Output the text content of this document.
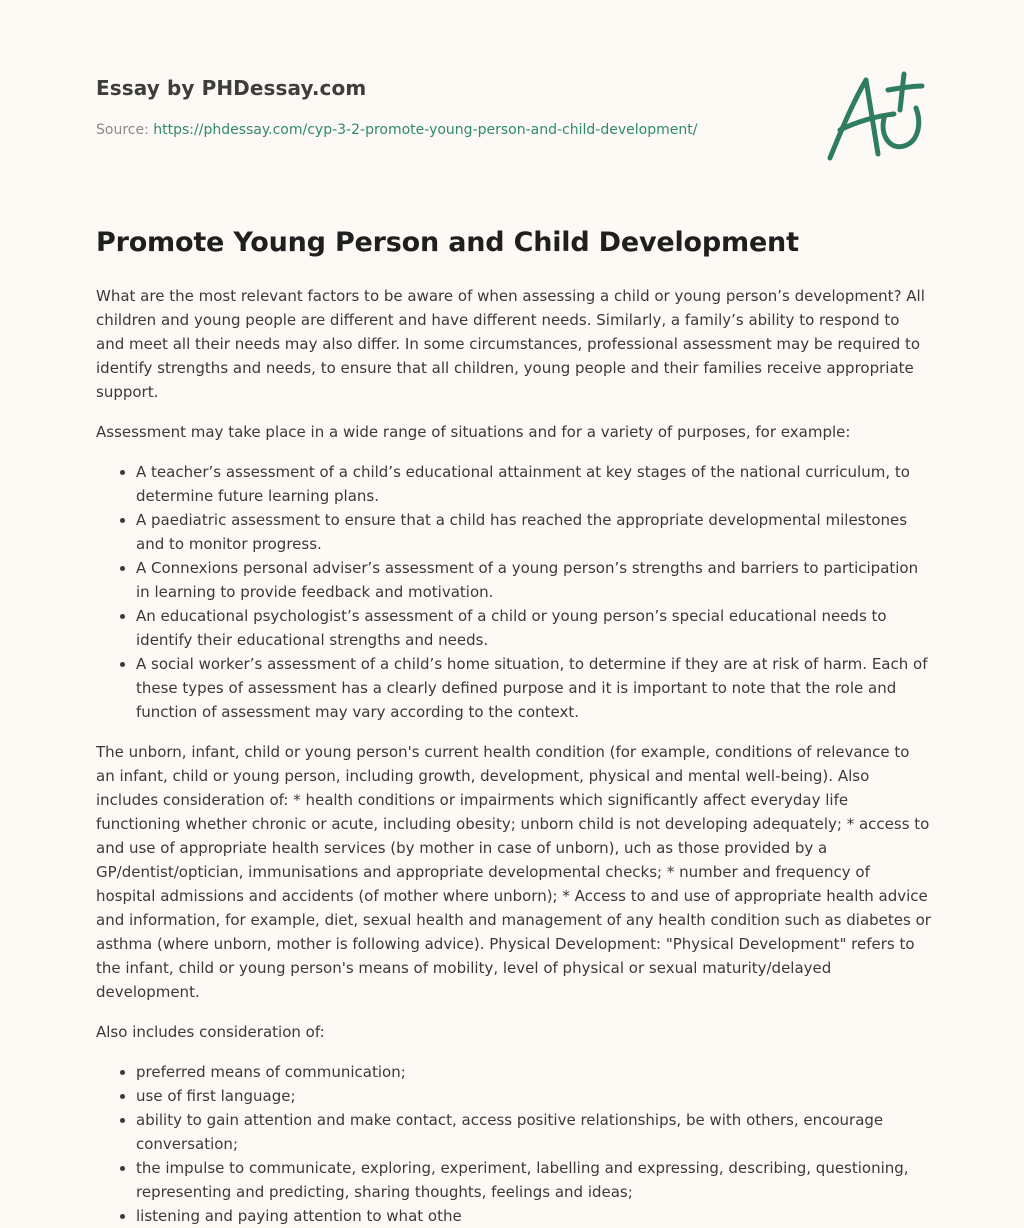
Essay by PHDessay.com
Source: https://phdessay.com/cyp-3-2-promote-young-person-and-child-development/
Promote Young Person and Child Development

What are the most relevant factors to be aware of when assessing a child or young person’s development? All children and young people are different and have different needs. Similarly, a family’s ability to respond to and meet all their needs may also differ. In some circumstances, professional assessment may be required to identify strengths and needs, to ensure that all children, young people and their families receive appropriate support.

Assessment may take place in a wide range of situations and for a variety of purposes, for example:

• A teacher’s assessment of a child’s educational attainment at key stages of the national curriculum, to determine future learning plans.
• A paediatric assessment to ensure that a child has reached the appropriate developmental milestones and to monitor progress.
• A Connexions personal adviser’s assessment of a young person’s strengths and barriers to participation in learning to provide feedback and motivation.
• An educational psychologist’s assessment of a child or young person’s special educational needs to identify their educational strengths and needs.
• A social worker’s assessment of a child’s home situation, to determine if they are at risk of harm. Each of these types of assessment has a clearly defined purpose and it is important to note that the role and function of assessment may vary according to the context.

The unborn, infant, child or young person's current health condition (for example, conditions of relevance to an infant, child or young person, including growth, development, physical and mental well-being). Also includes consideration of: * health conditions or impairments which significantly affect everyday life functioning whether chronic or acute, including obesity; unborn child is not developing adequately; * access to and use of appropriate health services (by mother in case of unborn), uch as those provided by a GP/dentist/optician, immunisations and appropriate developmental checks; * number and frequency of hospital admissions and accidents (of mother where unborn); * Access to and use of appropriate health advice and information, for example, diet, sexual health and management of any health condition such as diabetes or asthma (where unborn, mother is following advice). Physical Development: "Physical Development" refers to the infant, child or young person's means of mobility, level of physical or sexual maturity/delayed development.

Also includes consideration of:

• preferred means of communication;
• use of first language;
• ability to gain attention and make contact, access positive relationships, be with others, encourage conversation;
• the impulse to communicate, exploring, experiment, labelling and expressing, describing, questioning, representing and predicting, sharing thoughts, feelings and ideas;
• listening and paying attention to what othe
